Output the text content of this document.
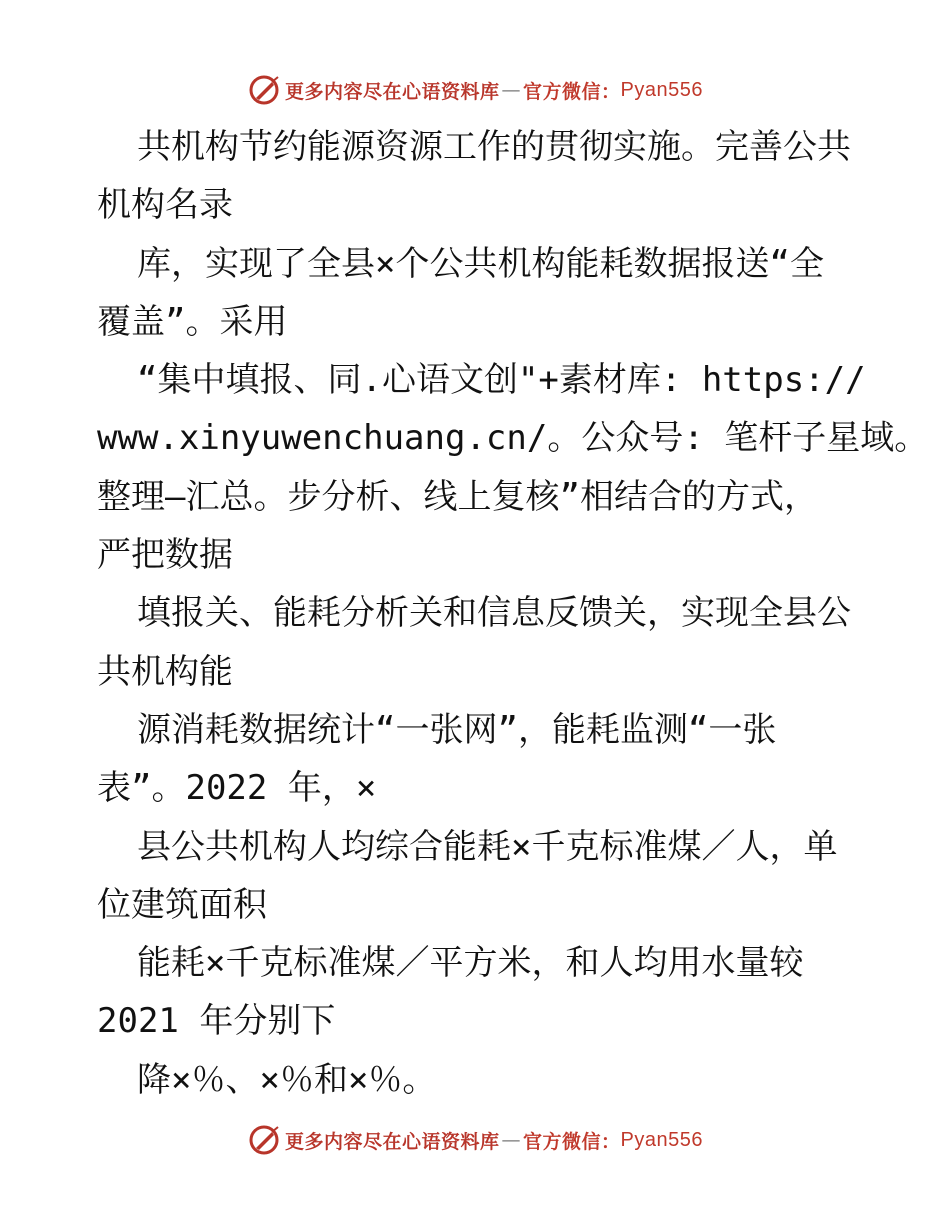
更多内容尽在心语资料库 — 官方微信： Pyan556
共机构节约能源资源工作的贯彻实施。完善公共
机构名录
库，实现了全县×个公共机构能耗数据报送“全
覆盖”。采用
“集中填报、同.心语文创"+素材库: https://
www.xinyuwenchuang.cn/。公众号: 笔杆子星域。
整理—汇总。步分析、线上复核”相结合的方式，
严把数据
填报关、能耗分析关和信息反馈关，实现全县公
共机构能
源消耗数据统计“一张网”，能耗监测“一张
表”。2022 年，×
县公共机构人均综合能耗×千克标准煤／人，单
位建筑面积
能耗×千克标准煤／平方米，和人均用水量较
2021 年分别下
降×％、×％和×％。
更多内容尽在心语资料库 — 官方微信： Pyan556
